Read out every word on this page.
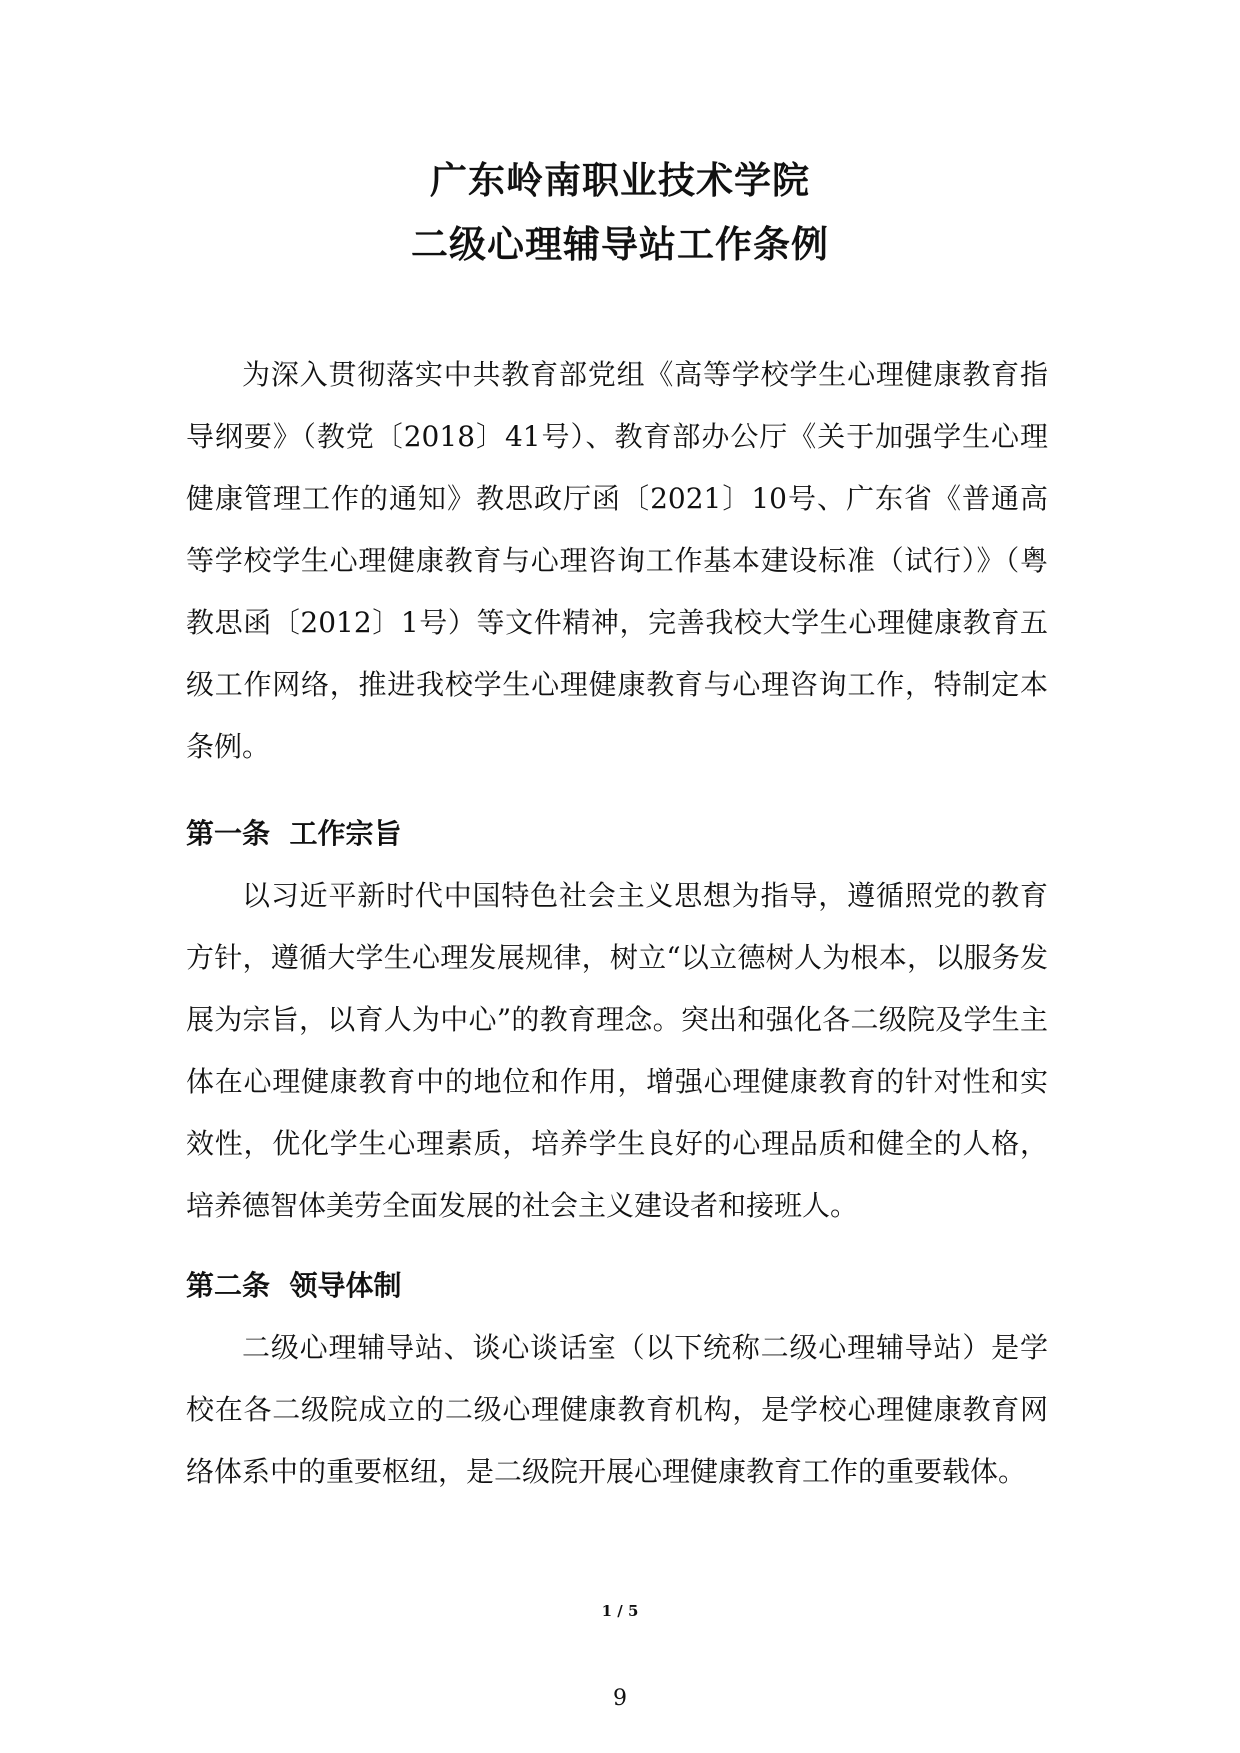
广东岭南职业技术学院
二级心理辅导站工作条例

为深入贯彻落实中共教育部党组《高等学校学生心理健康教育指导纲要》（教党〔2018〕41号）、教育部办公厅《关于加强学生心理健康管理工作的通知》教思政厅函〔2021〕10号、广东省《普通高等学校学生心理健康教育与心理咨询工作基本建设标准（试行）》（粤教思函〔2012〕1号）等文件精神，完善我校大学生心理健康教育五级工作网络，推进我校学生心理健康教育与心理咨询工作，特制定本条例。

第一条  工作宗旨

以习近平新时代中国特色社会主义思想为指导，遵循照党的教育方针，遵循大学生心理发展规律，树立“以立德树人为根本，以服务发展为宗旨，以育人为中心”的教育理念。突出和强化各二级院及学生主体在心理健康教育中的地位和作用，增强心理健康教育的针对性和实效性，优化学生心理素质，培养学生良好的心理品质和健全的人格，培养德智体美劳全面发展的社会主义建设者和接班人。

第二条  领导体制

二级心理辅导站、谈心谈话室（以下统称二级心理辅导站）是学校在各二级院成立的二级心理健康教育机构，是学校心理健康教育网络体系中的重要枢纽，是二级院开展心理健康教育工作的重要载体。

1 / 5
9
